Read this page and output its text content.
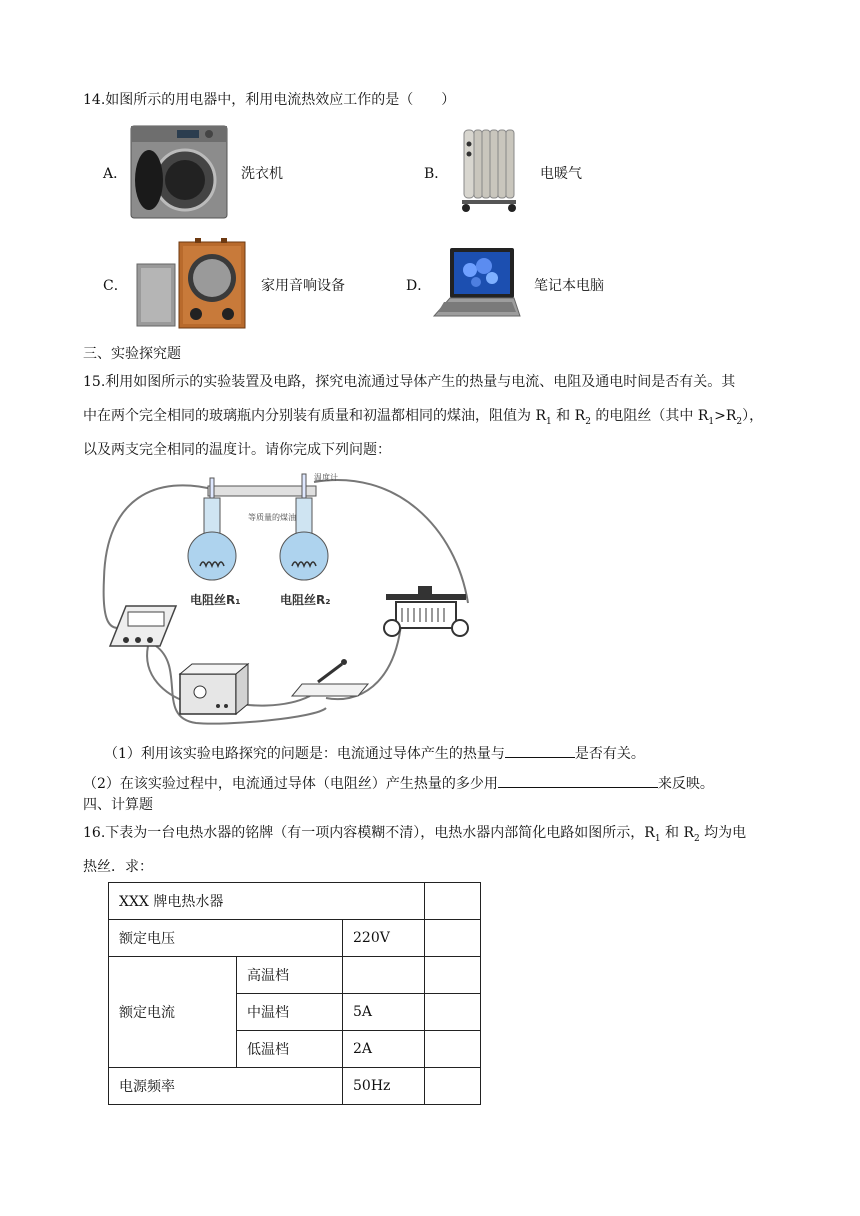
14.如图所示的用电器中，利用电流热效应工作的是（　　）
A．	洗衣机	B．	电暖气
C．	家用音响设备	D．	笔记本电脑
三、实验探究题
15.利用如图所示的实验装置及电路，探究电流通过导体产生的热量与电流、电阻及通电时间是否有关。其
中在两个完全相同的玻璃瓶内分别装有质量和初温都相同的煤油，阻值为 $R_1$ 和 $R_2$ 的电阻丝（其中 $R_1>R_2$），
以及两支完全相同的温度计。请你完成下列问题：
温度计
等质量的煤油
电阻丝R₁	电阻丝R₂
（1）利用该实验电路探究的问题是：电流通过导体产生的热量与	是否有关。
（2）在该实验过程中，电流通过导体（电阻丝）产生热量的多少用	来反映。
四、计算题
16.下表为一台电热水器的铭牌（有一项内容模糊不清），电热水器内部简化电路如图所示，$R_1$ 和 $R_2$ 均为电
热丝．求：
XXX 牌电热水器			
额定电压		220V	
额定电流	高温档		
	中温档	5A	
	低温档	2A	
电源频率		50Hz	
